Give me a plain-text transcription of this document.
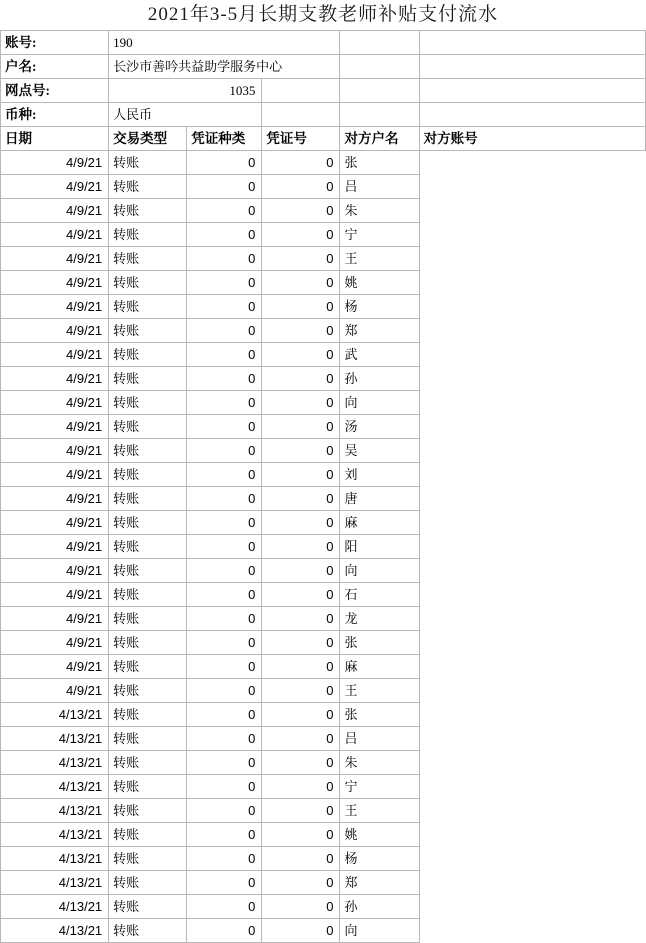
2021年3-5月长期支教老师补贴支付流水					
账号:	190				
户名:	长沙市善吟共益助学服务中心				
网点号:	1035				
币种:	人民币				
日期	交易类型	凭证种类	凭证号	对方户名	对方账号
4/9/21	转账	0	0	张	
4/9/21	转账	0	0	吕	
4/9/21	转账	0	0	朱	
4/9/21	转账	0	0	宁	
4/9/21	转账	0	0	王	
4/9/21	转账	0	0	姚	
4/9/21	转账	0	0	杨	
4/9/21	转账	0	0	郑	
4/9/21	转账	0	0	武	
4/9/21	转账	0	0	孙	
4/9/21	转账	0	0	向	
4/9/21	转账	0	0	汤	
4/9/21	转账	0	0	吴	
4/9/21	转账	0	0	刘	
4/9/21	转账	0	0	唐	
4/9/21	转账	0	0	麻	
4/9/21	转账	0	0	阳	
4/9/21	转账	0	0	向	
4/9/21	转账	0	0	石	
4/9/21	转账	0	0	龙	
4/9/21	转账	0	0	张	
4/9/21	转账	0	0	麻	
4/9/21	转账	0	0	王	
4/13/21	转账	0	0	张	
4/13/21	转账	0	0	吕	
4/13/21	转账	0	0	朱	
4/13/21	转账	0	0	宁	
4/13/21	转账	0	0	王	
4/13/21	转账	0	0	姚	
4/13/21	转账	0	0	杨	
4/13/21	转账	0	0	郑	
4/13/21	转账	0	0	孙	
4/13/21	转账	0	0	向	
